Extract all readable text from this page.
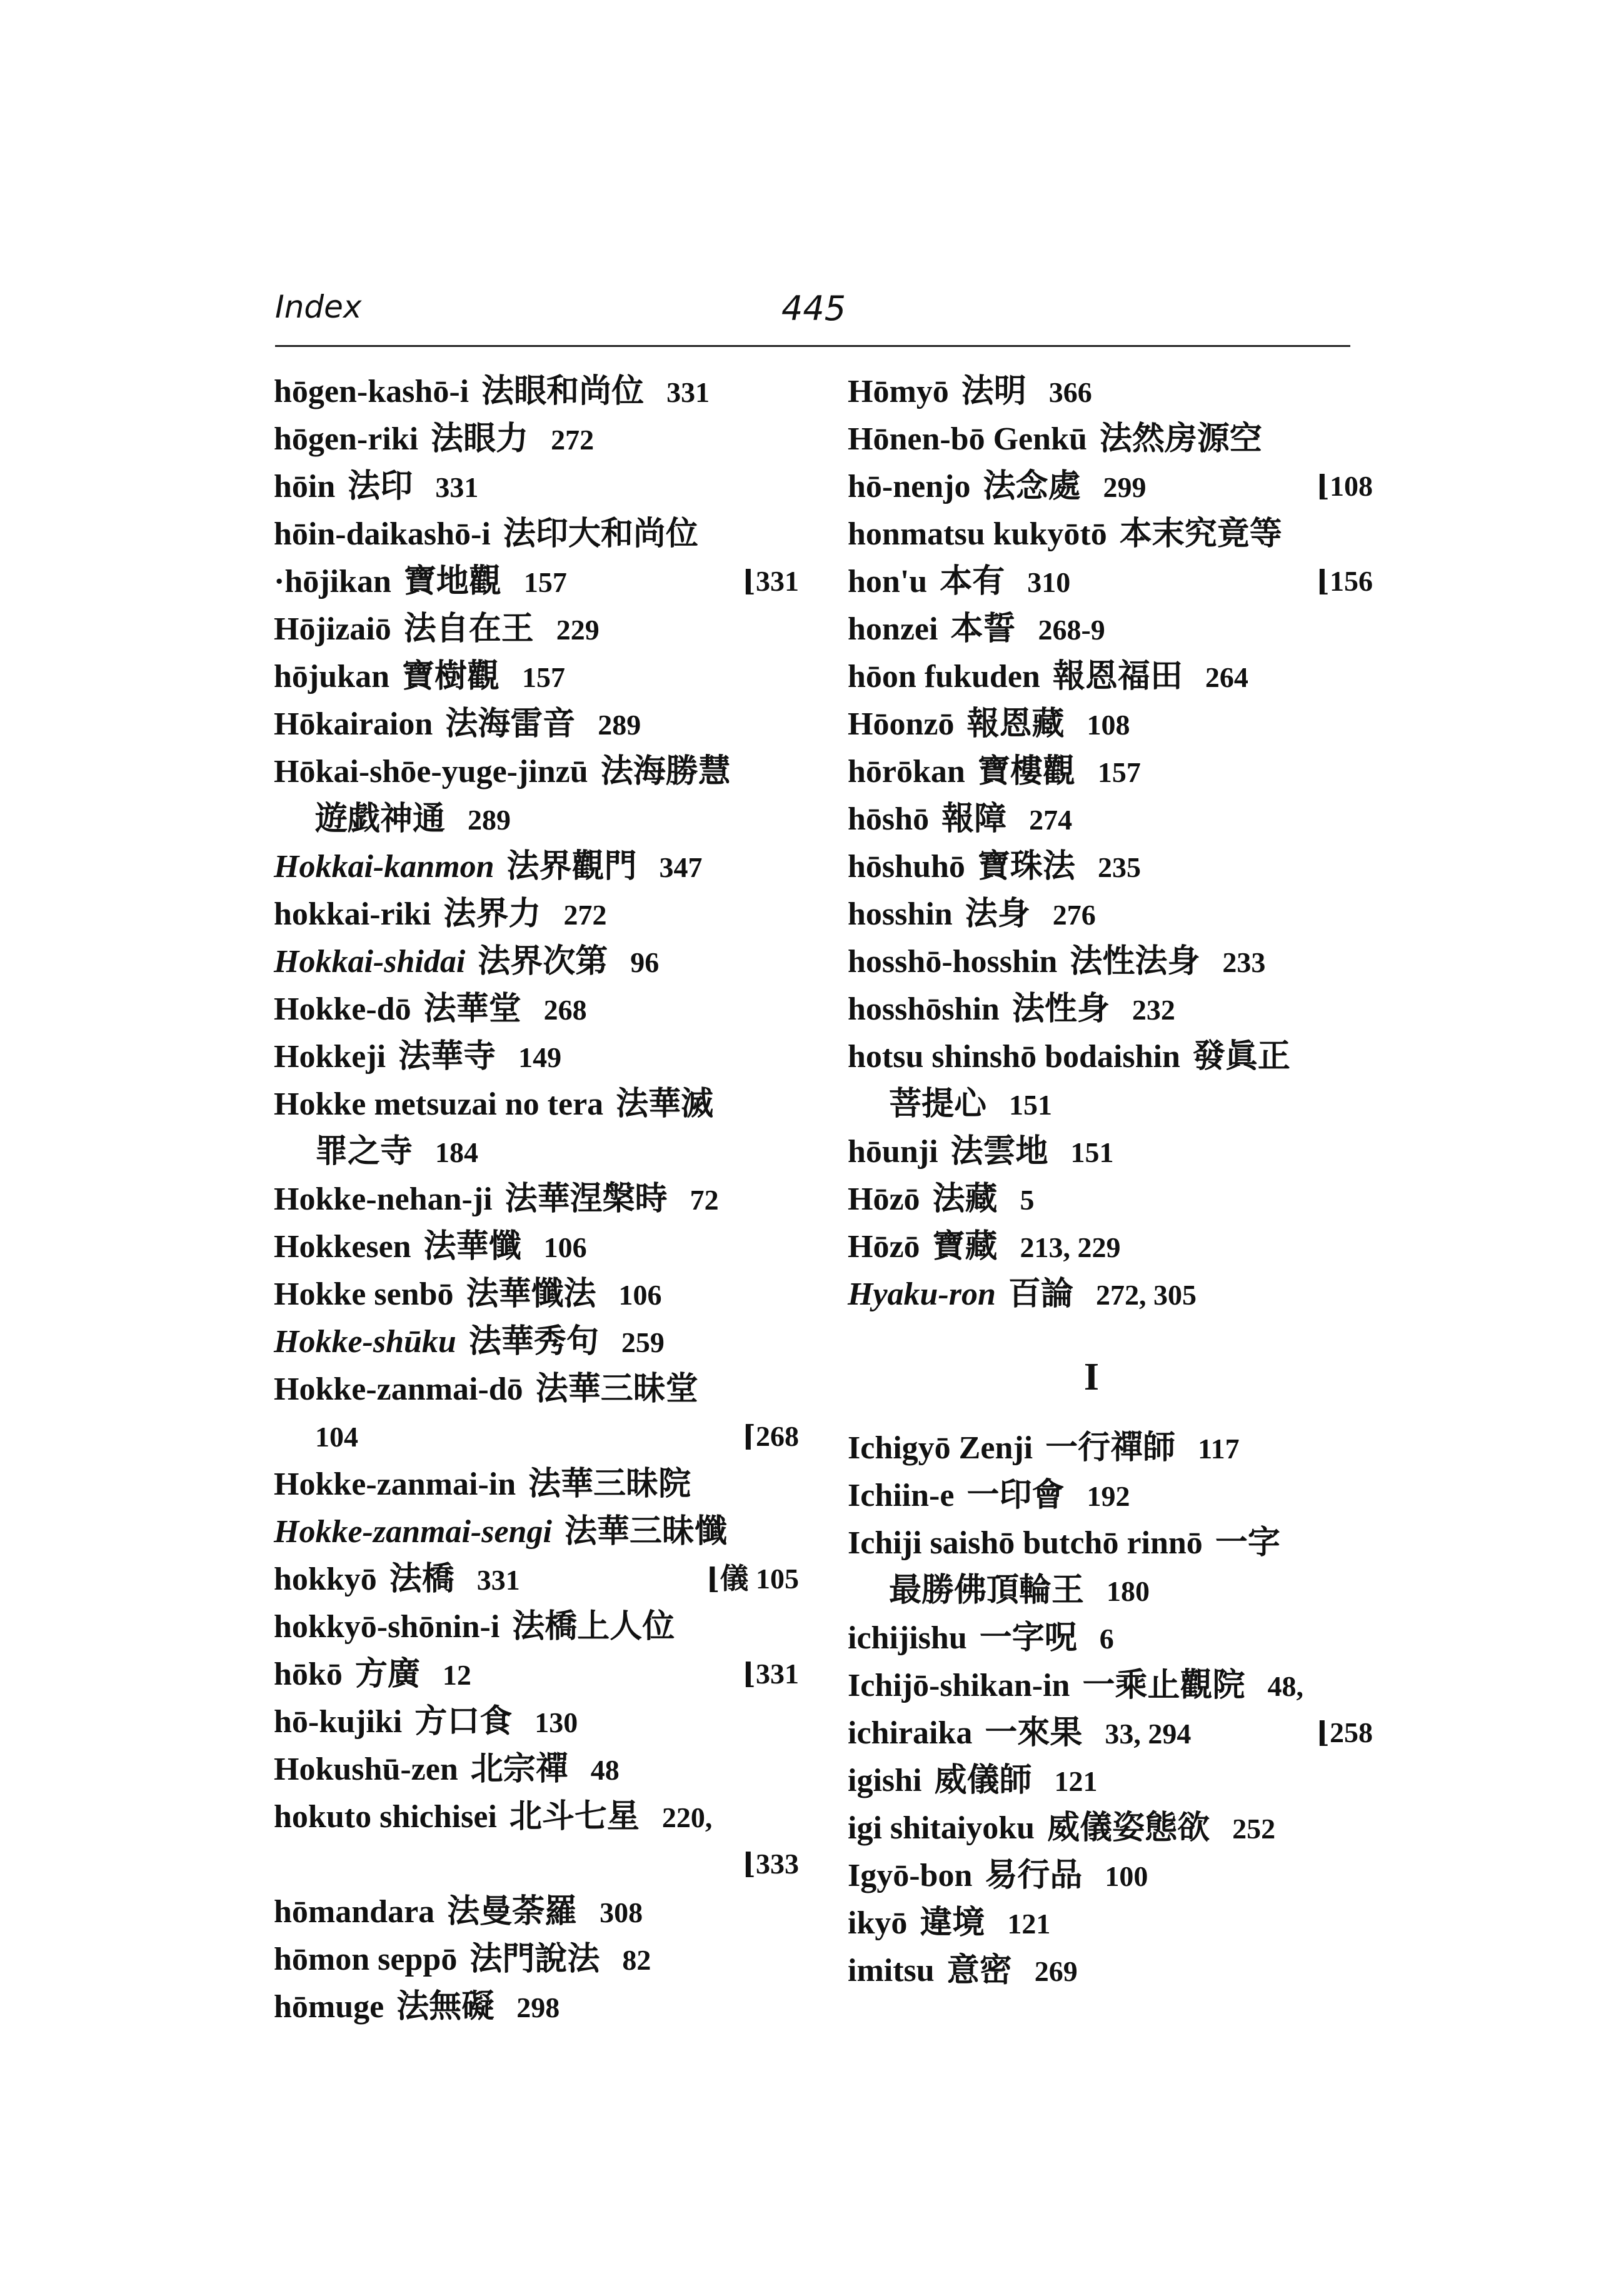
Index	445
hōgen-kashō-i 法眼和尚位 331
hōgen-riki 法眼力 272
hōin 法印 331
hōin-daikashō-i 法印大和尚位
·hōjikan 寶地觀 157	⌊331
Hōjizaiō 法自在王 229
hōjukan 寶樹觀 157
Hōkairaion 法海雷音 289
Hōkai-shōe-yuge-jinzū 法海勝慧
遊戯神通 289
Hokkai-kanmon 法界觀門 347
hokkai-riki 法界力 272
Hokkai-shidai 法界次第 96
Hokke-dō 法華堂 268
Hokkeji 法華寺 149
Hokke metsuzai no tera 法華滅
罪之寺 184
Hokke-nehan-ji 法華涅槃時 72
Hokkesen 法華懺 106
Hokke senbō 法華懺法 106
Hokke-shūku 法華秀句 259
Hokke-zanmai-dō 法華三昧堂
104	⌈268
Hokke-zanmai-in 法華三昧院
Hokke-zanmai-sengi 法華三昧懺
hokkyō 法橋 331	⌊儀 105
hokkyō-shōnin-i 法橋上人位
hōkō 方廣 12	⌊331
hō-kujiki 方口食 130
Hokushū-zen 北宗禪 48
hokuto shichisei 北斗七星 220,
⌊333
hōmandara 法曼荼羅 308
hōmon seppō 法門說法 82
hōmuge 法無礙 298
Hōmyō 法明 366
Hōnen-bō Genkū 法然房源空
hō-nenjo 法念處 299	⌊108
honmatsu kukyōtō 本末究竟等
hon'u 本有 310	⌊156
honzei 本誓 268-9
hōon fukuden 報恩福田 264
Hōonzō 報恩藏 108
hōrōkan 寶樓觀 157
hōshō 報障 274
hōshuhō 寶珠法 235
hosshin 法身 276
hosshō-hosshin 法性法身 233
hosshōshin 法性身 232
hotsu shinshō bodaishin 發眞正
菩提心 151
hōunji 法雲地 151
Hōzō 法藏 5
Hōzō 寶藏 213, 229
Hyaku-ron 百論 272, 305
I
Ichigyō Zenji 一行禪師 117
Ichiin-e 一印會 192
Ichiji saishō butchō rinnō 一字
最勝佛頂輪王 180
ichijishu 一字呪 6
Ichijō-shikan-in 一乘止觀院 48,
ichiraika 一來果 33, 294	⌊258
igishi 威儀師 121
igi shitaiyoku 威儀姿態欲 252
Igyō-bon 易行品 100
ikyō 違境 121
imitsu 意密 269
